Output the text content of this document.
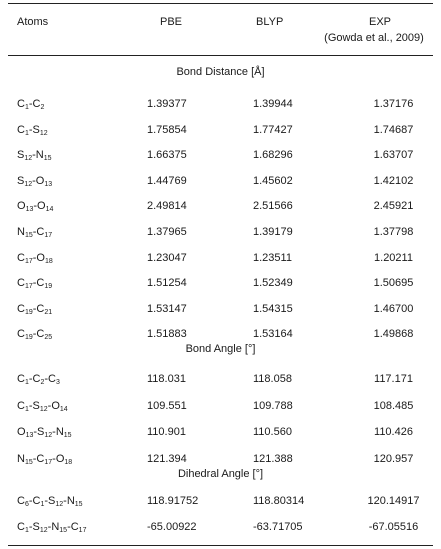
Atoms	PBE	BLYP	EXP
(Gowda et al., 2009)
Bond Distance [Å]
$C_1-C_2$	1.39377	1.39944	1.37176
$C_1-S_{12}$	1.75854	1.77427	1.74687
$S_{12}-N_{15}$	1.66375	1.68296	1.63707
$S_{12}-O_{13}$	1.44769	1.45602	1.42102
$O_{13}-O_{14}$	2.49814	2.51566	2.45921
$N_{15}-C_{17}$	1.37965	1.39179	1.37798
$C_{17}-O_{18}$	1.23047	1.23511	1.20211
$C_{17}-C_{19}$	1.51254	1.52349	1.50695
$C_{19}-C_{21}$	1.53147	1.54315	1.46700
$C_{19}-C_{25}$	1.51883	1.53164	1.49868
Bond Angle [°]
$C_1-C_2-C_3$	118.031	118.058	117.171
$C_1-S_{12}-O_{14}$	109.551	109.788	108.485
$O_{13}-S_{12}-N_{15}$	110.901	110.560	110.426
$N_{15}-C_{17}-O_{18}$	121.394	121.388	120.957
Dihedral Angle [°]
$C_6-C_1-S_{12}-N_{15}$	118.91752	118.80314	120.14917
$C_1-S_{12}-N_{15}-C_{17}$	-65.00922	-63.71705	-67.05516
